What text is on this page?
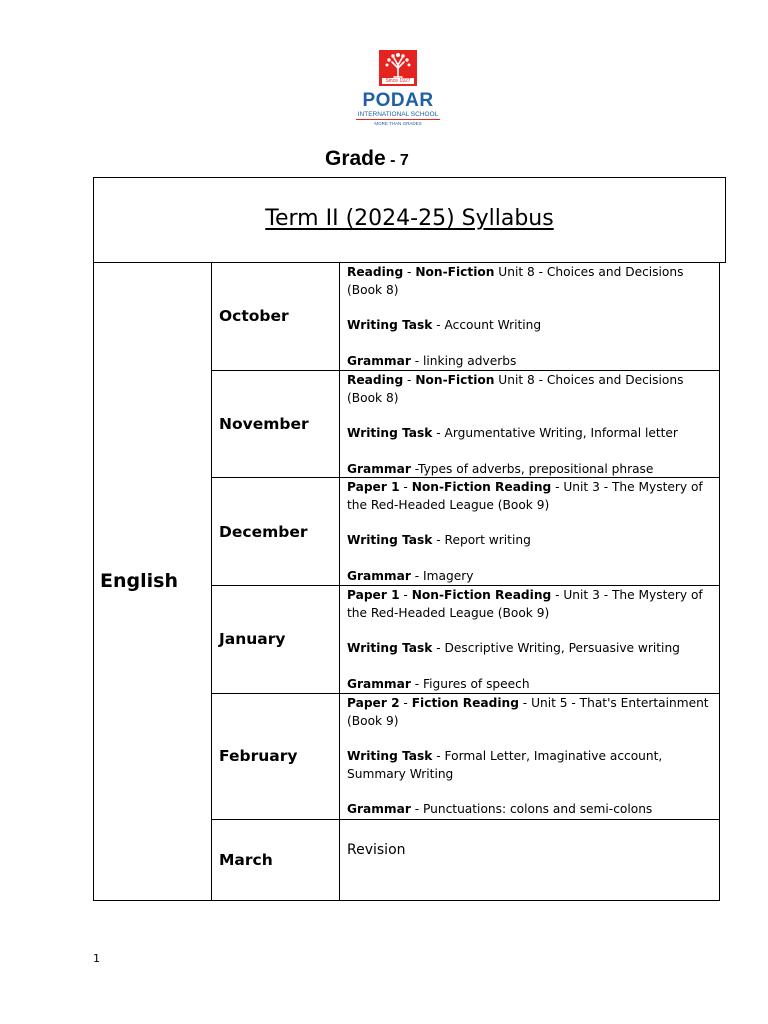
Since 1927
PODAR
INTERNATIONAL SCHOOL
MORE THAN GRADES
Grade - 7
Term II (2024-25) Syllabus
English
October

Reading - Non-Fiction Unit 8 - Choices and Decisions (Book 8)

Writing Task - Account Writing

Grammar - linking adverbs

November

Reading - Non-Fiction Unit 8 - Choices and Decisions (Book 8)

Writing Task - Argumentative Writing, Informal letter

Grammar -Types of adverbs, prepositional phrase

December

Paper 1 - Non-Fiction Reading - Unit 3 - The Mystery of the Red-Headed League (Book 9)

Writing Task - Report writing

Grammar - Imagery

January

Paper 1 - Non-Fiction Reading - Unit 3 - The Mystery of the Red-Headed League (Book 9)

Writing Task - Descriptive Writing, Persuasive writing

Grammar - Figures of speech

February

Paper 2 - Fiction Reading - Unit 5 - That's Entertainment (Book 9)

Writing Task - Formal Letter, Imaginative account, Summary Writing

Grammar - Punctuations: colons and semi-colons

March
Revision
1
